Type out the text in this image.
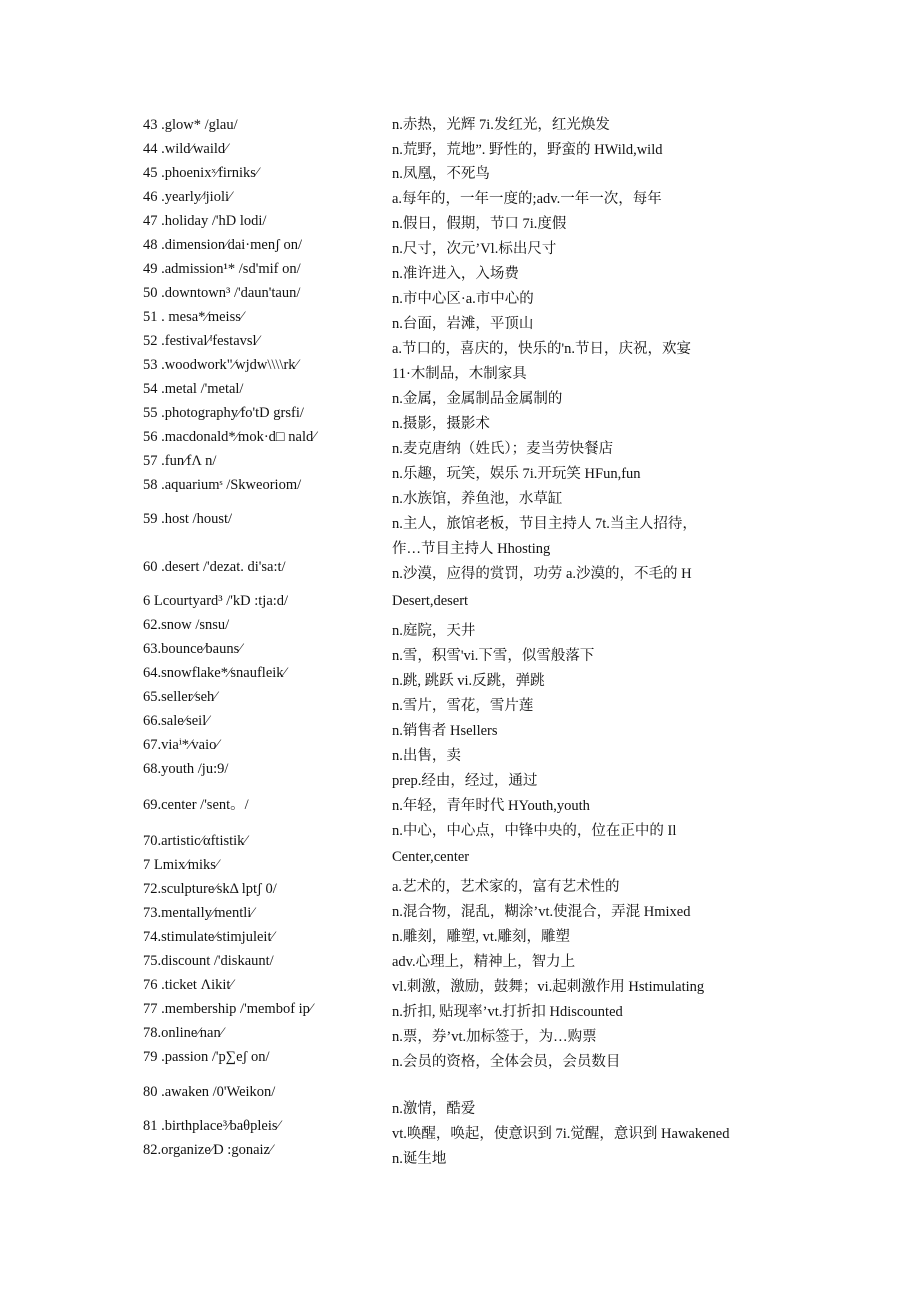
43 .glow* /glau/
44 .wild⁄waild⁄
45 .phoenixˣ⁄firniks⁄
46 .yearly⁄ʲjioli⁄
47 .holiday /'hD lodi/
48 .dimension⁄dai·menʃ on/
49 .admission¹* /sd'mif on/
50 .downtown³ /'daun'taun/
51 . mesa*⁄meiss⁄
52 .festival⁄ˡfestavsl⁄
53 .woodwork"⁄wjdw\\\\rk⁄
54 .metal /'metal/
55 .photography⁄fo'tD grsfi/
56 .macdonald*⁄mok·d□ nald⁄
57 .fun⁄fΛ n/
58 .aquariumˢ /Skweoriom/
59 .host /houst/
60 .desert /'dezat. di'sa:t/
6 Lcourtyard³ /'kD :tja:d/
62.snow /snsu/
63.bounce⁄bauns⁄
64.snowflake*⁄snaufleik⁄
65.seller⁄seh⁄
66.sale⁄seil⁄
67.viaⁱ*⁄vaio⁄
68.youth /ju:9/
69.center /'sent。/
70.artistic⁄αftistik⁄
7 Lmix⁄miks⁄
72.sculpture⁄skΔ lptʃ 0/
73.mentally⁄mentli⁄
74.stimulate⁄stimjuleit⁄
75.discount /'diskaunt/
76 .ticket Λikit⁄
77 .membership /'membof ip⁄
78.online⁄nan⁄
79 .passion /'p∑eʃ on/
80 .awaken /0'Weikon/
81 .birthplace³⁄baθpleis⁄
82.organize⁄D :gonaiz⁄
n.赤热，光辉 7i.发红光，红光焕发
n.荒野，荒地”. 野性的，野蛮的 HWild,wild
n.凤凰，不死鸟
a.每年的，一年一度的;adv.一年一次，每年
n.假日，假期，节口 7i.度假
n.尺寸，次元’Vl.标出尺寸
n.准许进入，入场费
n.市中心区·a.市中心的
n.台面，岩滩，平顶山
a.节口的，喜庆的，快乐的'n.节日，庆祝，欢宴
11·木制品，木制家具
n.金属，金属制品金属制的
n.摄影，摄影术
n.麦克唐纳（姓氏）；麦当劳快餐店
n.乐趣，玩笑，娱乐 7i.开玩笑 HFun,fun
n.水族馆，养鱼池，水草缸
n.主人，旅馆老板，节目主持人 7t.当主人招待，
作…节目主持人 Hhosting
n.沙漠，应得的赏罚，功劳 a.沙漠的，不毛的 H
Desert,desert
n.庭院，天井
n.雪，积雪'vi.下雪，似雪般落下
n.跳, 跳跃 vi.反跳，弹跳
n.雪片，雪花，雪片莲
n.销售者 Hsellers
n.出售，卖
prep.经由，经过，通过
n.年轻，青年时代 HYouth,youth
n.中心，中心点，中锋中央的，位在正中的 Il
Center,center
a.艺术的，艺术家的，富有艺术性的
n.混合物，混乱，糊涂’vt.使混合，弄混 Hmixed
n.雕刻，雕塑, vt.雕刻，雕塑
adv.心理上，精神上，智力上
vl.刺激，激励，鼓舞；vi.起刺激作用 Hstimulating
n.折扣, 贴现率’vt.打折扣 Hdiscounted
n.票，券’vt.加标签于，为…购票
n.会员的资格，全体会员，会员数目
n.激情，酷爱
vt.唤醒，唤起，使意识到 7i.觉醒，意识到 Hawakened
n.诞生地
